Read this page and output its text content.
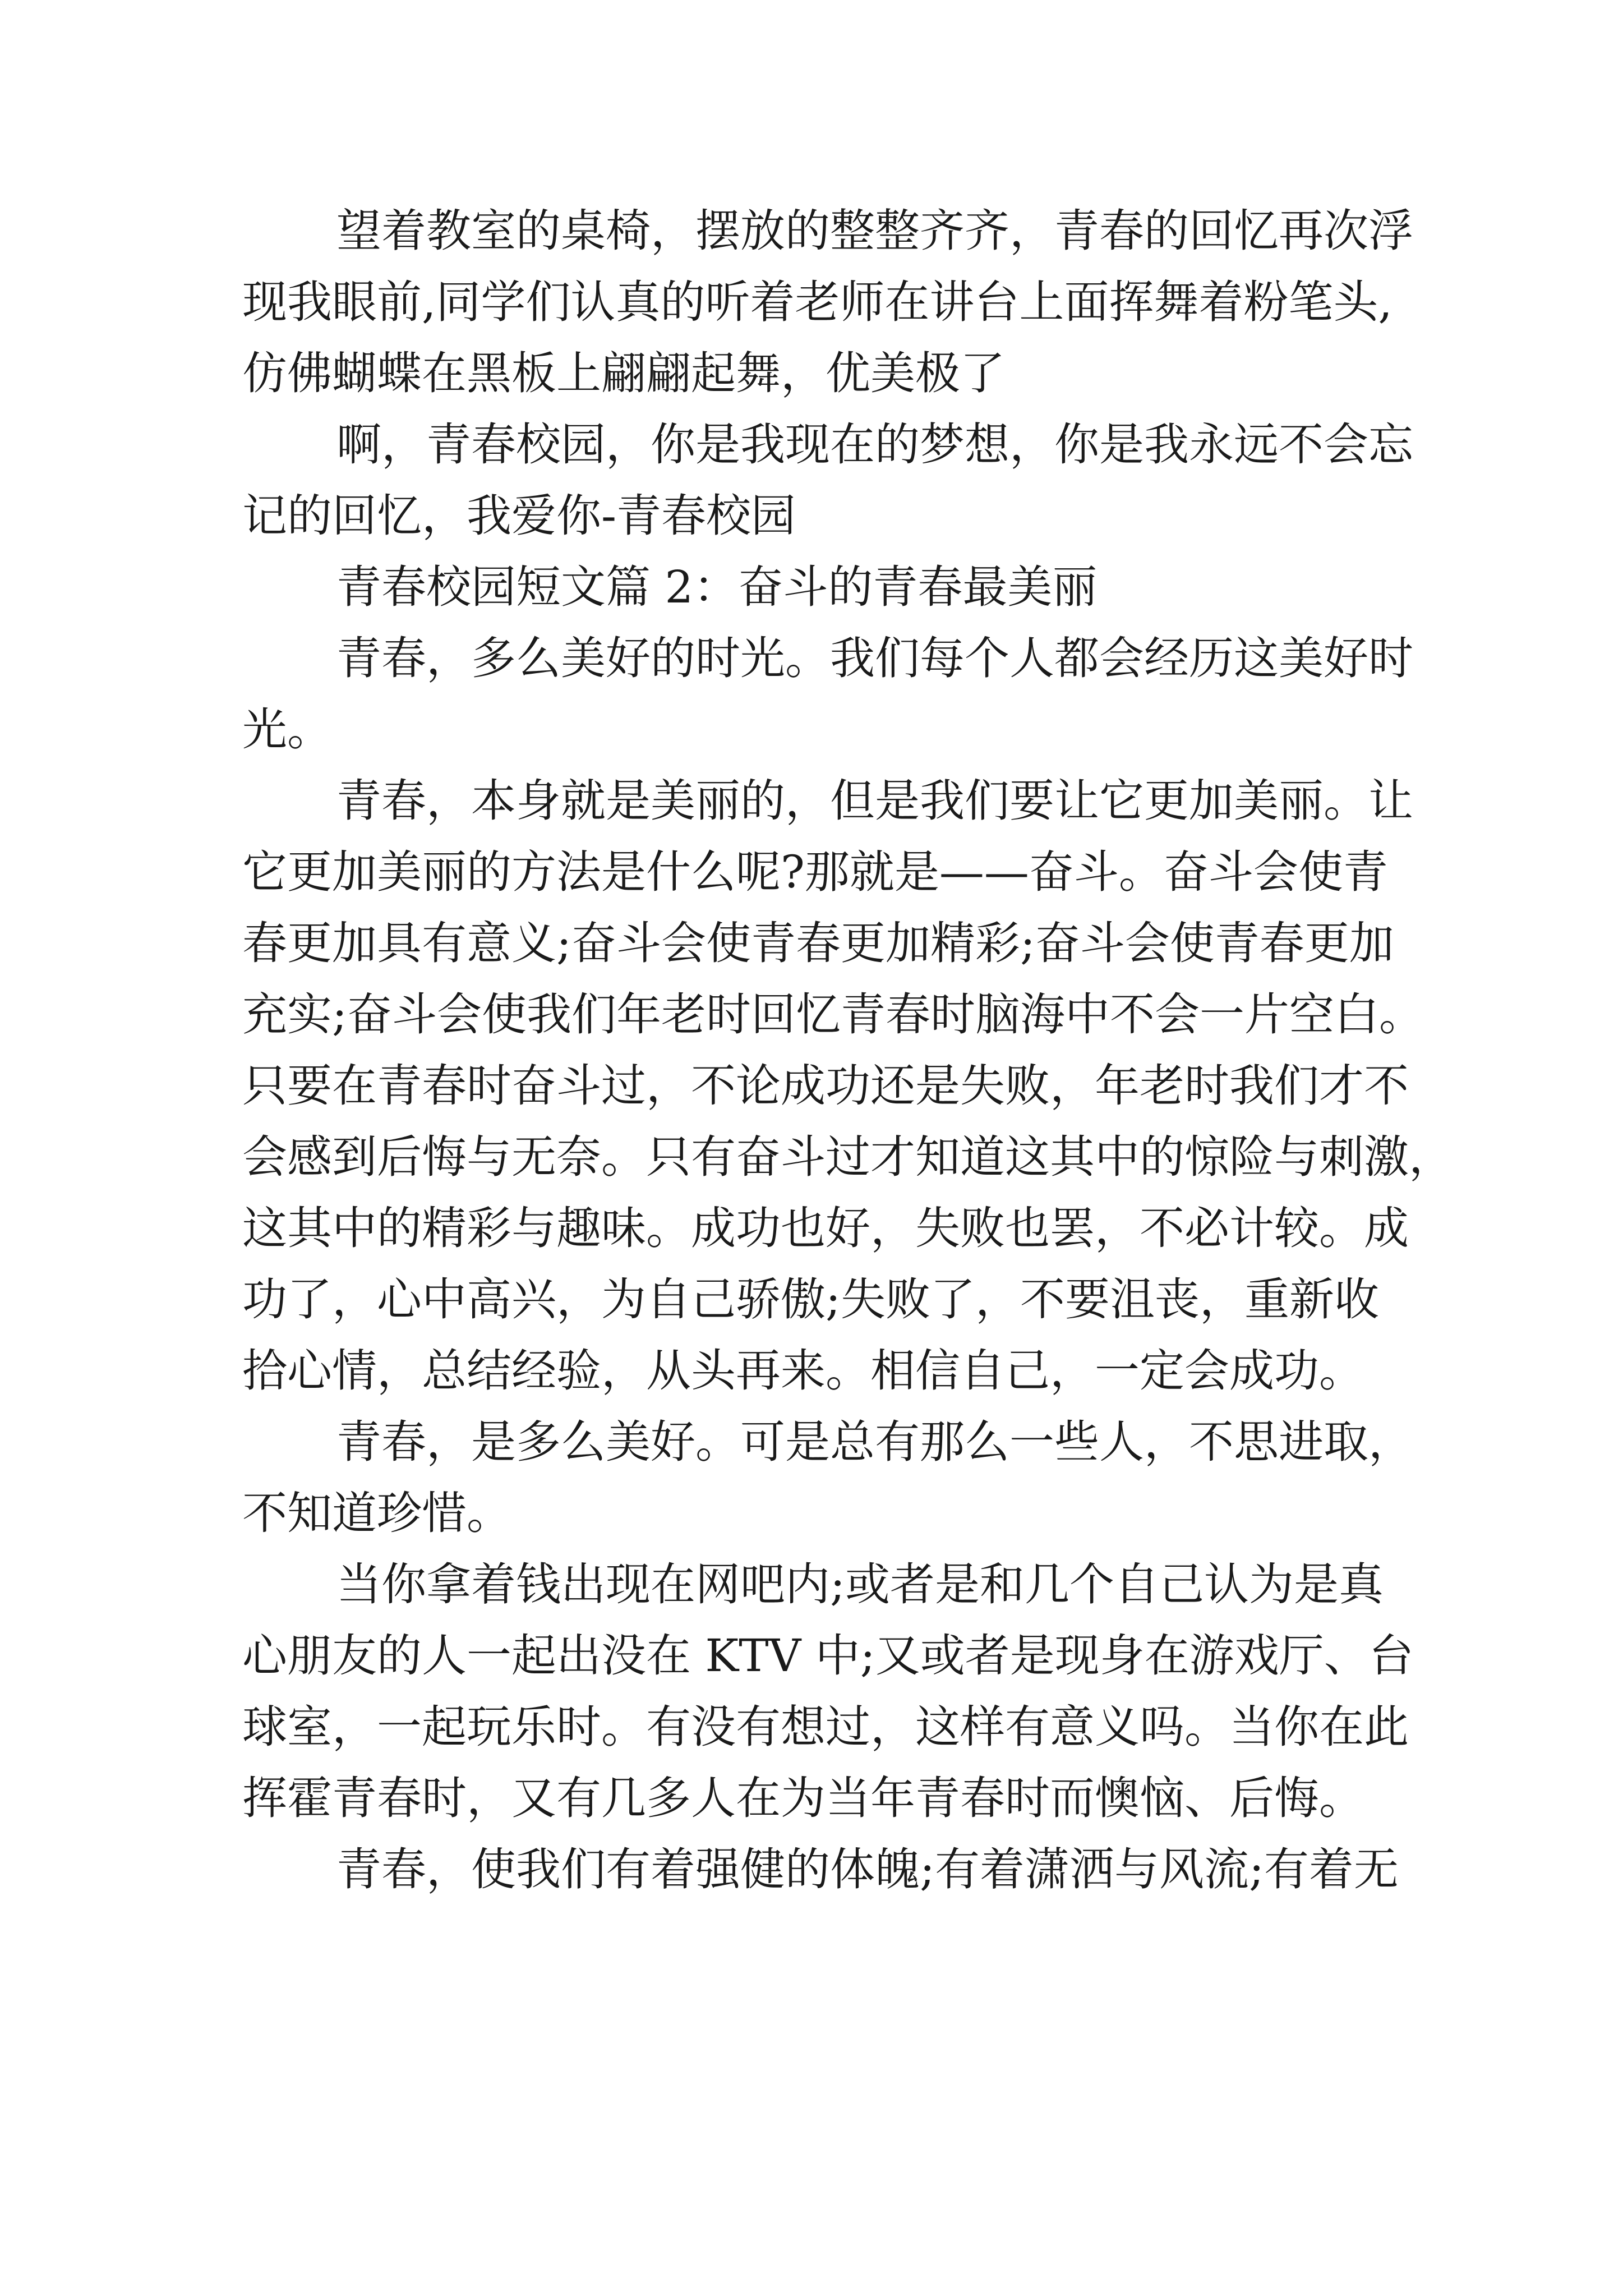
望着教室的桌椅，摆放的整整齐齐，青春的回忆再次浮
现我眼前,同学们认真的听着老师在讲台上面挥舞着粉笔头,
仿佛蝴蝶在黑板上翩翩起舞，优美极了
啊，青春校园，你是我现在的梦想，你是我永远不会忘
记的回忆，我爱你-青春校园
青春校园短文篇 2：奋斗的青春最美丽
青春，多么美好的时光。我们每个人都会经历这美好时
光。
青春，本身就是美丽的，但是我们要让它更加美丽。让
它更加美丽的方法是什么呢?那就是——奋斗。奋斗会使青
春更加具有意义;奋斗会使青春更加精彩;奋斗会使青春更加
充实;奋斗会使我们年老时回忆青春时脑海中不会一片空白。
只要在青春时奋斗过，不论成功还是失败，年老时我们才不
会感到后悔与无奈。只有奋斗过才知道这其中的惊险与刺激，
这其中的精彩与趣味。成功也好，失败也罢，不必计较。成
功了，心中高兴，为自己骄傲;失败了，不要沮丧，重新收
拾心情，总结经验，从头再来。相信自己，一定会成功。
青春，是多么美好。可是总有那么一些人，不思进取，
不知道珍惜。
当你拿着钱出现在网吧内;或者是和几个自己认为是真
心朋友的人一起出没在 KTV 中;又或者是现身在游戏厅、台
球室，一起玩乐时。有没有想过，这样有意义吗。当你在此
挥霍青春时，又有几多人在为当年青春时而懊恼、后悔。
青春，使我们有着强健的体魄;有着潇洒与风流;有着无
